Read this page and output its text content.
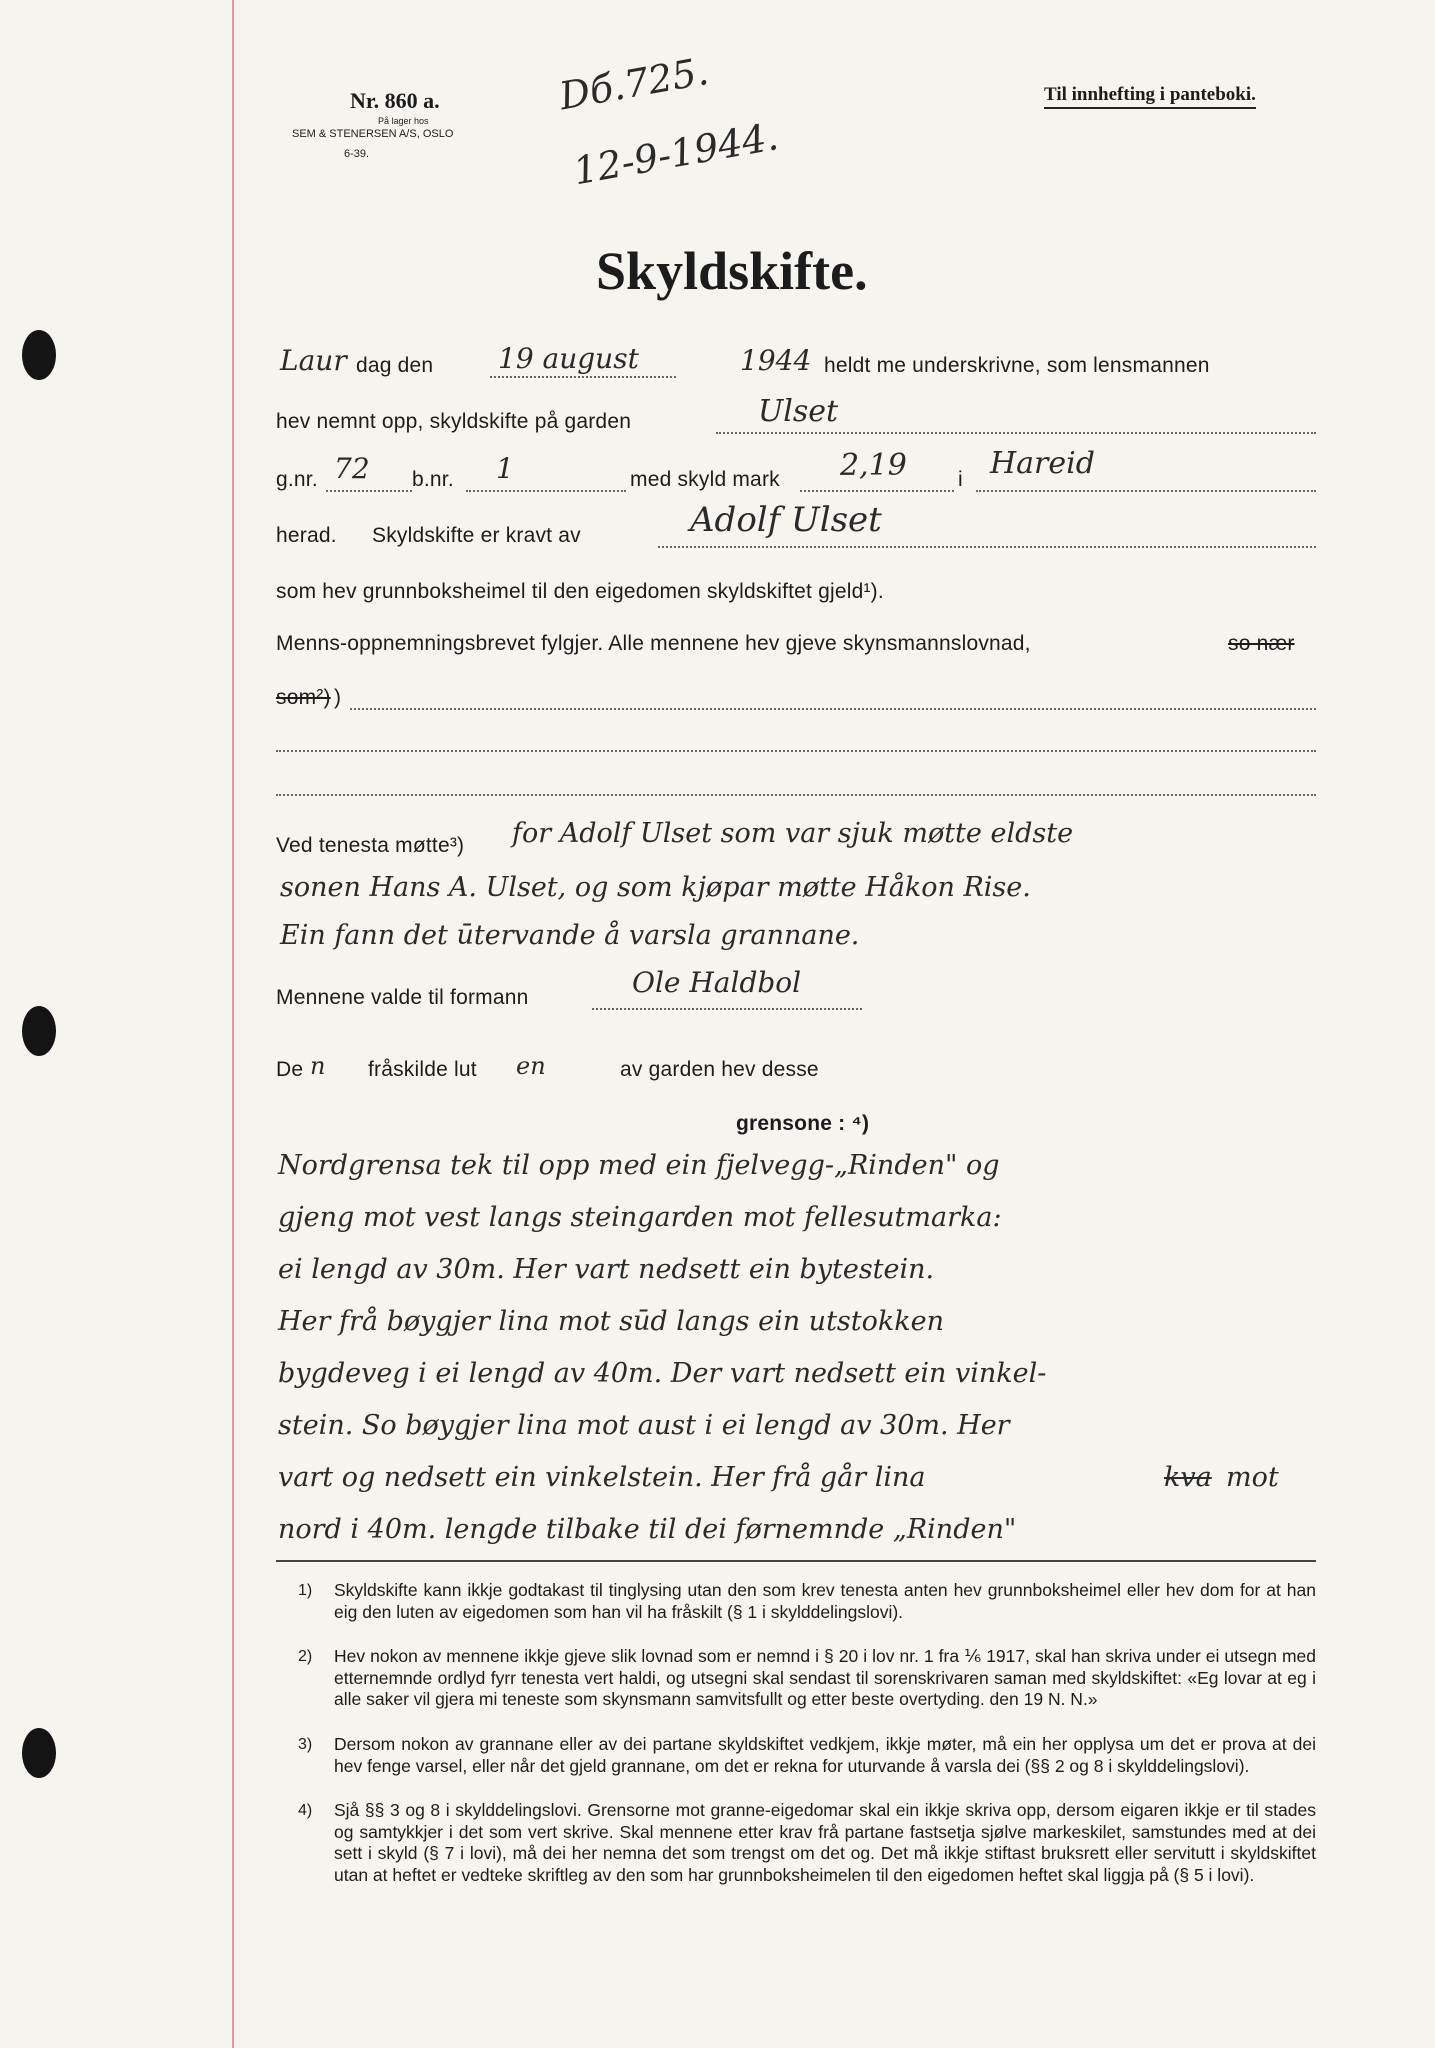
Nr. 860 a.
På lager hos
SEM & STENERSEN A/S, OSLO
6-39.
Dб.725.
12-9-1944.
Til innhefting i panteboki.
Skyldskifte.
Laur dag den 19 august	1944 heldt me underskrivne, som lensmannen
hev nemnt opp, skyldskifte på garden	Ulset
g.nr. 72 b.nr. 1	med skyld mark 2,19 i Hareid
herad. Skyldskifte er kravt av	Adolf Ulset
som hev grunnboksheimel til den eigedomen skyldskiftet gjeld¹).
Menns-oppnemningsbrevet fylgjer. Alle mennene hev gjeve skynsmannslovnad,	so nær
som²) )
Ved tenesta møtte³) for Adolf Ulset som var sjuk møtte eldste
sonen Hans A. Ulset, og som kjøpar møtte Håkon Rise.
Ein fann det ūtervande å varsla grannane.
Mennene valde til formann	Ole Haldbol
De n fråskilde lut en	av garden hev desse
grensone : ⁴)
Nordgrensa tek til opp med ein fjelvegg-„Rinden" og
gjeng mot vest langs steingarden mot fellesutmarka:
ei lengd av 30m. Her vart nedsett ein bytestein.
Her frå bøygjer lina mot sūd langs ein utstokken
bygdeveg i ei lengd av 40m. Der vart nedsett ein vinkel-
stein. So bøygjer lina mot aust i ei lengd av 30m. Her
vart og nedsett ein vinkelstein. Her frå går lina	kva mot
nord i 40m. lengde tilbake til dei førnemnde „Rinden"
1) Skyldskifte kann ikkje godtakast til tinglysing utan den som krev tenesta anten hev grunnboksheimel eller hev dom for at han eig den luten av eigedomen som han vil ha fråskilt (§ 1 i skylddelingslovi).
2) Hev nokon av mennene ikkje gjeve slik lovnad som er nemnd i § 20 i lov nr. 1 fra ⅙ 1917, skal han skriva under ei utsegn med etternemnde ordlyd fyrr tenesta vert haldi, og utsegni skal sendast til sorenskrivaren saman med skyldskiftet: «Eg lovar at eg i alle saker vil gjera mi teneste som skynsmann samvitsfullt og etter beste overtyding. den 19 N. N.»
3) Dersom nokon av grannane eller av dei partane skyldskiftet vedkjem, ikkje møter, må ein her opplysa um det er prova at dei hev fenge varsel, eller når det gjeld grannane, om det er rekna for uturvande å varsla dei (§§ 2 og 8 i skylddelingslovi).
4) Sjå §§ 3 og 8 i skylddelingslovi. Grensorne mot granne-eigedomar skal ein ikkje skriva opp, dersom eigaren ikkje er til stades og samtykkjer i det som vert skrive. Skal mennene etter krav frå partane fastsetja sjølve markeskilet, samstundes med at dei sett i skyld (§ 7 i lovi), må dei her nemna det som trengst om det og. Det må ikkje stiftast bruksrett eller servitutt i skyldskiftet utan at heftet er vedteke skriftleg av den som har grunnboksheimelen til den eigedomen heftet skal liggja på (§ 5 i lovi).
